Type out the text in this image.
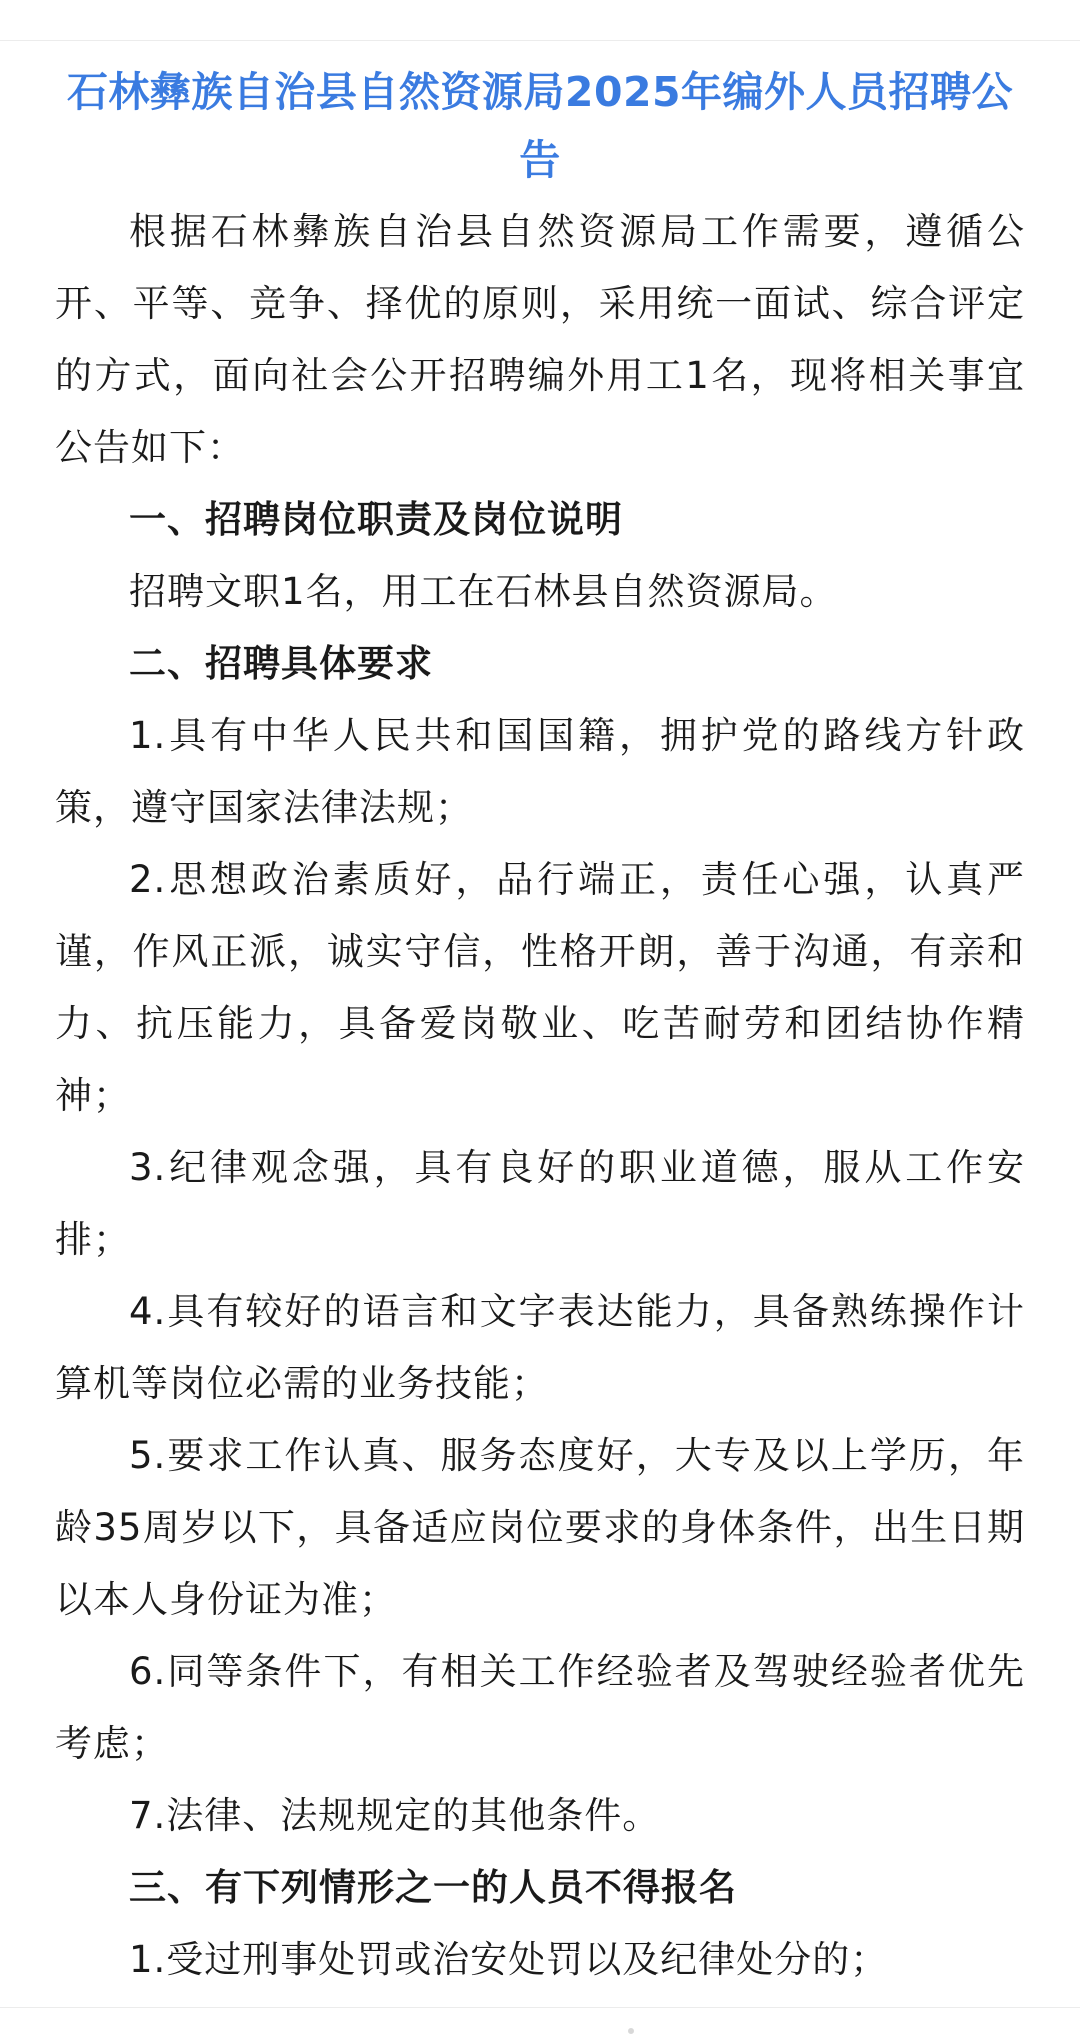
石林彝族自治县自然资源局2025年编外人员招聘公告

根据石林彝族自治县自然资源局工作需要，遵循公开、平等、竞争、择优的原则，采用统一面试、综合评定的方式，面向社会公开招聘编外用工1名，现将相关事宜公告如下：

一、招聘岗位职责及岗位说明

招聘文职1名，用工在石林县自然资源局。

二、招聘具体要求

1.具有中华人民共和国国籍，拥护党的路线方针政策，遵守国家法律法规；

2.思想政治素质好，品行端正，责任心强，认真严谨，作风正派，诚实守信，性格开朗，善于沟通，有亲和力、抗压能力，具备爱岗敬业、吃苦耐劳和团结协作精神；

3.纪律观念强，具有良好的职业道德，服从工作安排；

4.具有较好的语言和文字表达能力，具备熟练操作计算机等岗位必需的业务技能；

5.要求工作认真、服务态度好，大专及以上学历，年龄35周岁以下，具备适应岗位要求的身体条件，出生日期以本人身份证为准；

6.同等条件下，有相关工作经验者及驾驶经验者优先考虑；

7.法律、法规规定的其他条件。

三、有下列情形之一的人员不得报名

1.受过刑事处罚或治安处罚以及纪律处分的；
